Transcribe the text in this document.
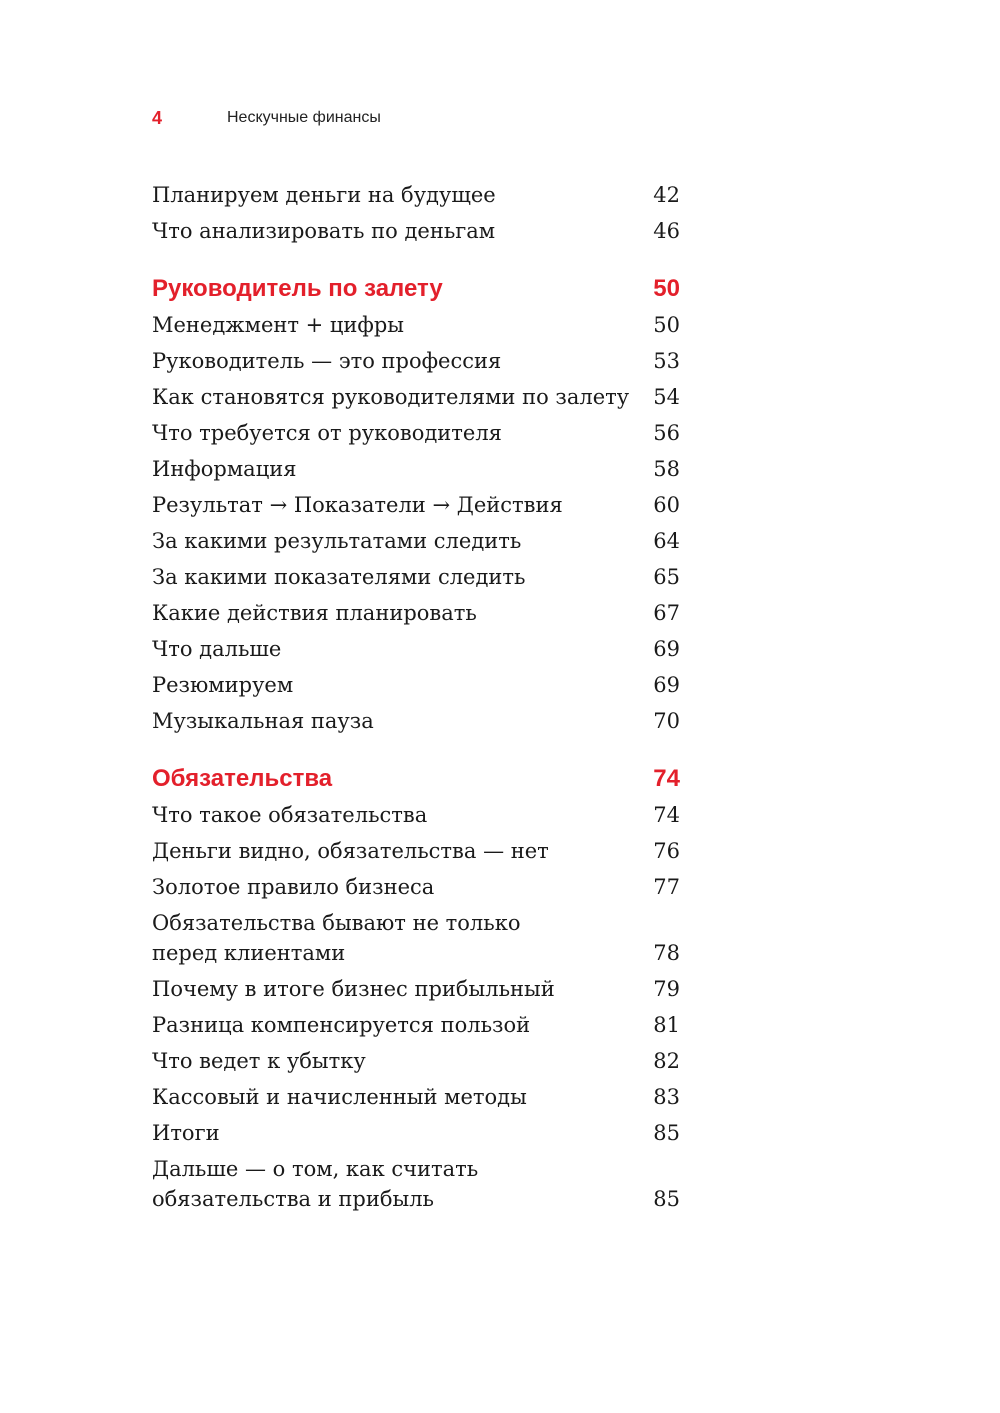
4	Нескучные финансы
Планируем деньги на будущее	42
Что анализировать по деньгам	46
Руководитель по залету	50
Менеджмент + цифры	50
Руководитель — это профессия	53
Как становятся руководителями по залету	54
Что требуется от руководителя	56
Информация	58
Результат → Показатели → Действия	60
За какими результатами следить	64
За какими показателями следить	65
Какие действия планировать	67
Что дальше	69
Резюмируем	69
Музыкальная пауза	70
Обязательства	74
Что такое обязательства	74
Деньги видно, обязательства — нет	76
Золотое правило бизнеса	77
Обязательства бывают не только
перед клиентами	78
Почему в итоге бизнес прибыльный	79
Разница компенсируется пользой	81
Что ведет к убытку	82
Кассовый и начисленный методы	83
Итоги	85
Дальше — о том, как считать
обязательства и прибыль	85
